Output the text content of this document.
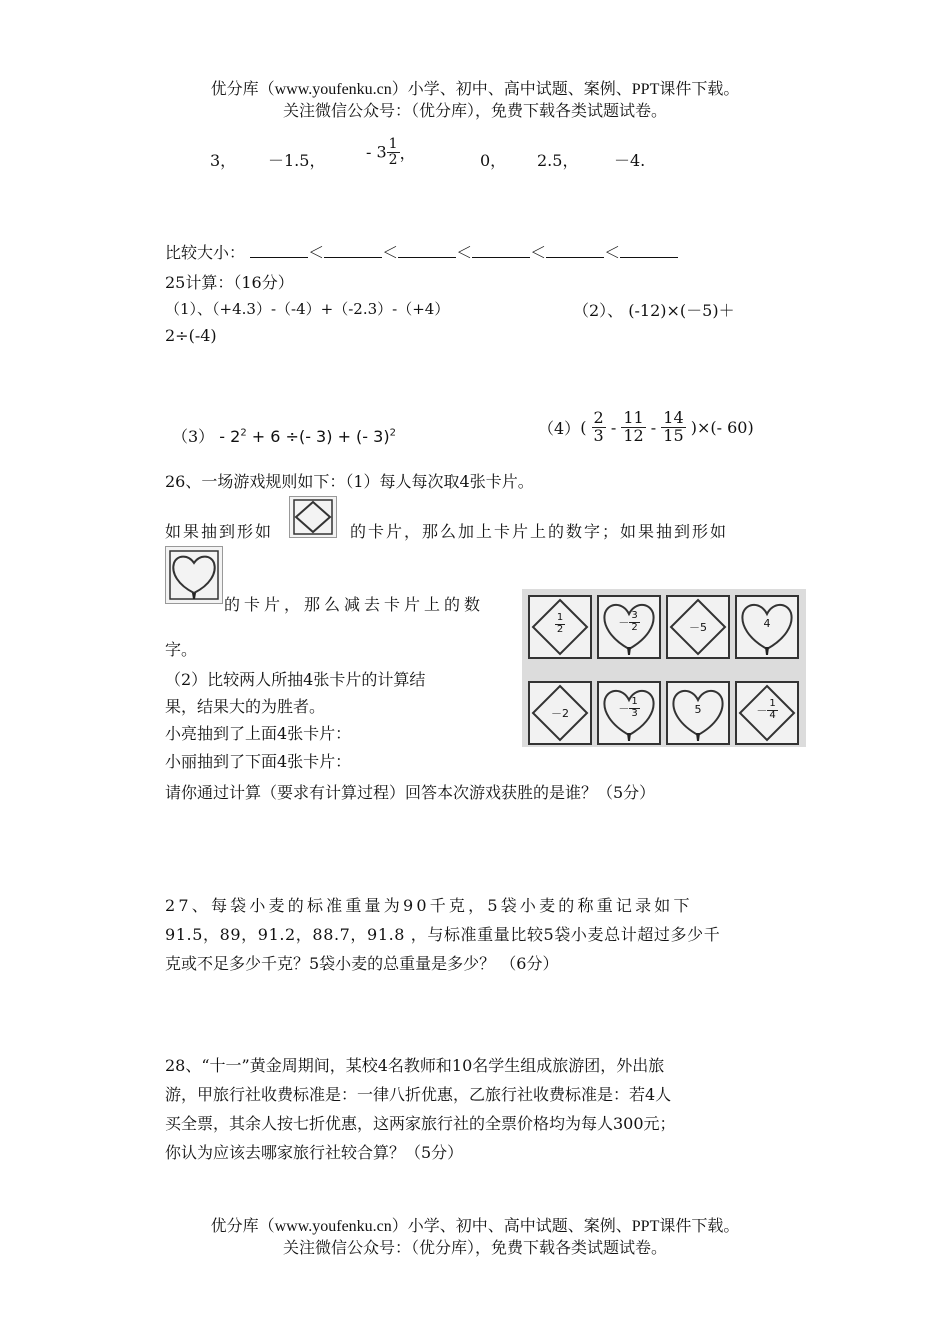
优分库（www.youfenku.cn）小学、初中、高中试题、案例、PPT课件下载。
关注微信公众号：（优分库），免费下载各类试题试卷。
3， －1.5，	- $3 \frac{1}{2}$ ，	0， 2.5， －4.
比较大小：	＜	＜	＜	＜	＜
25计算：（16分）
（1）、（+4.3）-（-4）+（-2.3）-（+4）	（2）、 (-12)×(－5)＋
2÷(-4)
$(3) - 2^2 + 6$ ÷(- 3) + (- 3)$^2$	$(4)( \frac{2}{3} - \frac{11}{12} - \frac{14}{15}$ )×(- 60)
26、一场游戏规则如下：（1）每人每次取4张卡片。
如果抽到形如	的卡片，那么加上卡片上的数字；如果抽到形如
的卡片，那么减去卡片上的数
字。
（2）比较两人所抽4张卡片的计算结
果，结果大的为胜者。
小亮抽到了上面4张卡片：
小丽抽到了下面4张卡片：
请你通过计算（要求有计算过程）回答本次游戏获胜的是谁？（5分）
$\frac{1}{2}$	－ $\frac{3}{2}$	－5	4
－2	－ $\frac{1}{3}$	5	－ $\frac{1}{4}$
27、每袋小麦的标准重量为90千克，5袋小麦的称重记录如下
91.5，89，91.2，88.7，91.8 ，与标准重量比较5袋小麦总计超过多少千
克或不足多少千克？5袋小麦的总重量是多少？ （6分）
28、“十一”黄金周期间，某校4名教师和10名学生组成旅游团，外出旅
游，甲旅行社收费标准是：一律八折优惠，乙旅行社收费标准是：若4人
买全票，其余人按七折优惠，这两家旅行社的全票价格均为每人300元；
你认为应该去哪家旅行社较合算？（5分）
优分库（www.youfenku.cn）小学、初中、高中试题、案例、PPT课件下载。
关注微信公众号：（优分库），免费下载各类试题试卷。
